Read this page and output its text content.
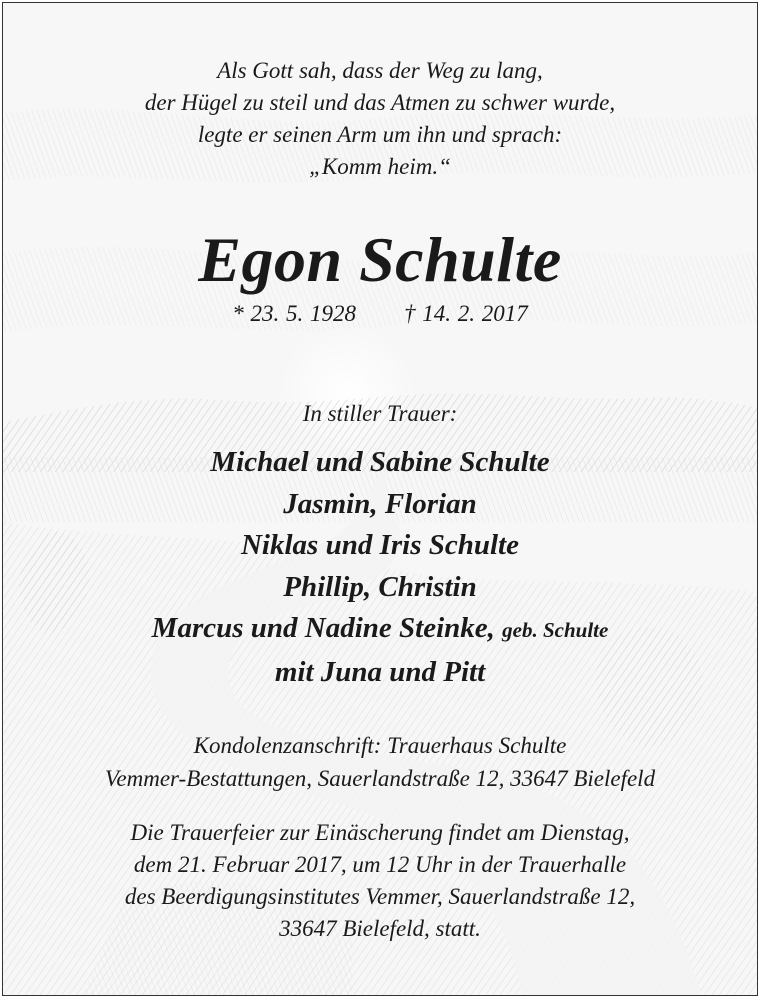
Als Gott sah, dass der Weg zu lang,
der Hügel zu steil und das Atmen zu schwer wurde,
legte er seinen Arm um ihn und sprach:
„Komm heim.“
Egon Schulte
* 23. 5. 1928 † 14. 2. 2017
In stiller Trauer:
Michael und Sabine Schulte
Jasmin, Florian
Niklas und Iris Schulte
Phillip, Christin
Marcus und Nadine Steinke, geb. Schulte
mit Juna und Pitt
Kondolenzanschrift: Trauerhaus Schulte
Vemmer-Bestattungen, Sauerlandstraße 12, 33647 Bielefeld
Die Trauerfeier zur Einäscherung findet am Dienstag,
dem 21. Februar 2017, um 12 Uhr in der Trauerhalle
des Beerdigungsinstitutes Vemmer, Sauerlandstraße 12,
33647 Bielefeld, statt.
